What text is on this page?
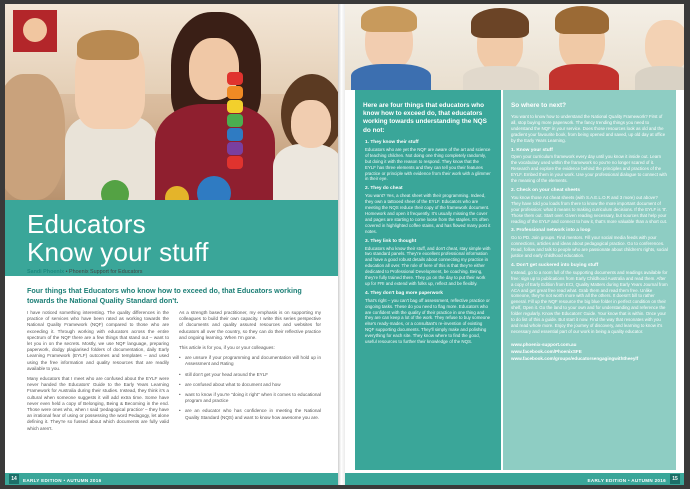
Educators
Know your stuff
Sandi Phoenix • Phoenix Support for Educators
Four things that Educators who know how to exceed do, that Educators working towards the National Quality Standard don't.

I have noticed something interesting. The quality differences in the practice of services who have been rated as working towards the National Quality Framework (NQF) compared to those who are exceeding it. Through working with educators across the entire spectrum of the NQF there are a few things that stand out – want to let you in on the secrets. Mostly, we use NQF language, preparing paperwork, dodgy plagiarised folders of documentation, daily Early Learning Framework (EYLF) outcomes and templates – and used using the free information and quality resources that are readily available to you.

Many educators that I meet who are confused about the EYLF were never handed the Educators' Guide to the Early Years Learning Framework for Australia during their studies. Instead, they think it's a cultural when someone suggests it will add extra time. Some have never even held a copy of Belonging, Being & Becoming in the end. Those were ones who, when I said 'pedagogical practice' – they have an irrational fear of using or possessing the word Pedagogy, let alone defining it. They're so fussed about which documents are fully valid which aren't.

As a strength based practitioner, my emphasis is on supporting my colleagues to build their own capacity. I write this series perspective of documents and quality assured resources and websites for educators all over the country, so they can do their reflective practice and ongoing learning. When I'm gone.

This article is for you, if you or your colleagues:

• are unsure if your programming and documentation will hold up in Assessment and Rating
• still don't get your head around the EYLF
• are confused about what to document and how
• want to know if you're "doing it right" when it comes to educational program and practice
• are an educator who has confidence in meeting the National Quality Standard (NQS) and want to know how awesome you are.
14	EARLY EDITION • AUTUMN 2016
Here are four things that educators who know how to exceed do, that educators working towards understanding the NQS do not:
1. They know their stuff
Educators who are yet the NQF are aware of the art and science of teaching children. Not doing one thing completely randomly, but doing it with the reason to respond. They know that the EYLF has three elements and they can tell you their features practice or principle with evidence from their work with a glimmer in their eye.
2. They do cheat
You want? Yes, a cheat sheet with their programming. Indeed, they own a tattooed sheet of the EYLF. Educators who are meeting the NQS reduce their copy of the framework document. Homework and open it frequently. It's usually missing the cover and pages are starting to come loose from the staples. It's often covered in highlighted coffee stains, and has flowed many post it notes.
3. They link to thought
Educators who know their stuff, and don't cheat, stay simple with two standard panels. They're excellent professional information and have a good robust details about connecting my practice in education all over. The role of here of this is that they're either dedicated to Professional Development, be coaching. Being, they're fully trained there. They go on the day to put their work up for FRI and extend with folks up, reflect and be flexibly.
4. They don't bag more paperwork
That's right – you can't bag off assessment, reflective practice or ongoing tasks. These do you need to flag more. Educators who are confident with the quality of their practice in one thing and they are can keep a lot of the work. They refuse to buy someone else's ready-mades, or a consultant's re-invention of existing NQF supporting documents. They'll simply make and polishing everything for each site. They know where to find the good, useful resources to further their knowledge of the NQS.
So where to next?
You want to know how to understand the National Quality Framework? First of all, stop buying more paperwork. The fancy trending things you need to understand the NQF in your service. Does those resources look as old and the gradient your favourite book, from being opened and saved, up old day at office by the Early Years Learning.
1. Know your stuff
Open your curriculum framework every day until you know it inside out. Learn the vocabulary used within the framework so you're no longer scared of it. Research and explore the evidence behind the principles and practices of the EYLF. Embed them in your work. Use your professional dialogue to connect with the meaning of the elements.
2. Check on your cheat sheets
You know those A4 cheat sheets (with S.A.E.L.O.R and 3 more) out above? They have told you loads from there to know the more important document of your profession: what it means to making curriculum decisions. If the EYLF is 'It'. Those them out. Start over. Given reading necessary, but sources that help your reading of the EYLF and connect to how it, that's more valuable than a short cut.
3. Professional network into a loop
Go to PD. Join groups. Find mentors. Fill your social media feeds with your connections, articles and ideas about pedagogical practice. Go to conferences. Read, follow and talk to people who are passionate about children's rights, social justice and early childhood education.
4. Don't get suckered into buying stuff
Instead, go to a room full of the supporting documents and readings available for free: sign up to publications from Early Childhood Australia and read them. After a copy of Early Edition from ECI, Quality Matters during Early Years Journal from ACA and get great free read what. Grab them and read them free. Unlike someone, they're not worth more with all the others. It doesn't bill to rather general. Fill up the NQF resource the big blue folder in perfect condition on their shelf, Open it. Go the land to your own and for understanding and reference the folder regularly. Know the Educators' Guide. Your know that is within. Once your to do list of this a guide. But start it now. Find the way that resonates with you and read whole more. Enjoy the journey of discovery, and learning to know it's necessary and essential part of our work in being a quality educator.
www.phoenix-support.com.au
www.facebook.com/PhoenixSFE
www.facebook.com/groups/educatorsengagingwiththeeylf
EARLY EDITION • AUTUMN 2016	15
